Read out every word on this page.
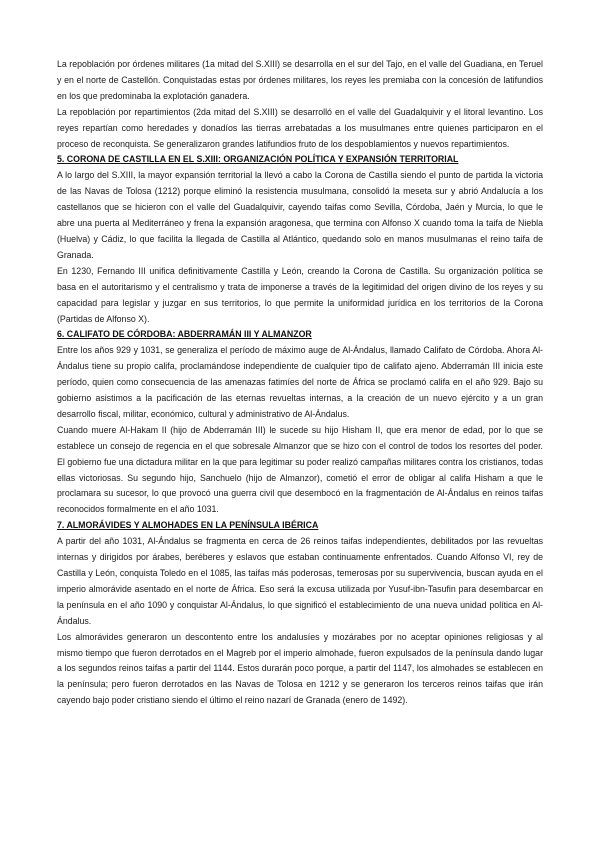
La repoblación por órdenes militares (1a mitad del S.XIII) se desarrolla en el sur del Tajo, en el valle del Guadiana, en Teruel y en el norte de Castellón. Conquistadas estas por órdenes militares, los reyes les premiaba con la concesión de latifundios en los que predominaba la explotación ganadera.

La repoblación por repartimientos (2da mitad del S.XIII) se desarrolló en el valle del Guadalquivir y el litoral levantino. Los reyes repartían como heredades y donadíos las tierras arrebatadas a los musulmanes entre quienes participaron en el proceso de reconquista. Se generalizaron grandes latifundios fruto de los despoblamientos y nuevos repartimientos.

5. CORONA DE CASTILLA EN EL S.XIII: ORGANIZACIÓN POLÍTICA Y EXPANSIÓN TERRITORIAL

A lo largo del S.XIII, la mayor expansión territorial la llevó a cabo la Corona de Castilla siendo el punto de partida la victoria de las Navas de Tolosa (1212) porque eliminó la resistencia musulmana, consolidó la meseta sur y abrió Andalucía a los castellanos que se hicieron con el valle del Guadalquivir, cayendo taifas como Sevilla, Córdoba, Jaén y Murcia, lo que le abre una puerta al Mediterráneo y frena la expansión aragonesa, que termina con Alfonso X cuando toma la taifa de Niebla (Huelva) y Cádiz, lo que facilita la llegada de Castilla al Atlántico, quedando solo en manos musulmanas el reino taifa de Granada.

En 1230, Fernando III unifica definitivamente Castilla y León, creando la Corona de Castilla. Su organización política se basa en el autoritarismo y el centralismo y trata de imponerse a través de la legitimidad del origen divino de los reyes y su capacidad para legislar y juzgar en sus territorios, lo que permite la uniformidad jurídica en los territorios de la Corona (Partidas de Alfonso X).

6. CALIFATO DE CÓRDOBA: ABDERRAMÁN III Y ALMANZOR

Entre los años 929 y 1031, se generaliza el período de máximo auge de Al-Ándalus, llamado Califato de Córdoba. Ahora Al-Ándalus tiene su propio califa, proclamándose independiente de cualquier tipo de califato ajeno. Abderramán III inicia este período, quien como consecuencia de las amenazas fatimíes del norte de África se proclamó califa en el año 929. Bajo su gobierno asistimos a la pacificación de las eternas revueltas internas, a la creación de un nuevo ejército y a un gran desarrollo fiscal, militar, económico, cultural y administrativo de Al-Ándalus.

Cuando muere Al-Hakam II (hijo de Abderramán III) le sucede su hijo Hisham II, que era menor de edad, por lo que se establece un consejo de regencia en el que sobresale Almanzor que se hizo con el control de todos los resortes del poder. El gobierno fue una dictadura militar en la que para legitimar su poder realizó campañas militares contra los cristianos, todas ellas victoriosas. Su segundo hijo, Sanchuelo (hijo de Almanzor), cometió el error de obligar al califa Hisham a que le proclamara su sucesor, lo que provocó una guerra civil que desembocó en la fragmentación de Al-Ándalus en reinos taifas reconocidos formalmente en el año 1031.

7. ALMORÁVIDES Y ALMOHADES EN LA PENÍNSULA IBÉRICA

A partir del año 1031, Al-Ándalus se fragmenta en cerca de 26 reinos taifas independientes, debilitados por las revueltas internas y dirigidos por árabes, beréberes y eslavos que estaban continuamente enfrentados. Cuando Alfonso VI, rey de Castilla y León, conquista Toledo en el 1085, las taifas más poderosas, temerosas por su supervivencia, buscan ayuda en el imperio almorávide asentado en el norte de África. Eso será la excusa utilizada por Yusuf-ibn-Tasufin para desembarcar en la península en el año 1090 y conquistar Al-Ándalus, lo que significó el establecimiento de una nueva unidad política en Al-Ándalus.

Los almorávides generaron un descontento entre los andalusíes y mozárabes por no aceptar opiniones religiosas y al mismo tiempo que fueron derrotados en el Magreb por el imperio almohade, fueron expulsados de la península dando lugar a los segundos reinos taifas a partir del 1144. Estos durarán poco porque, a partir del 1147, los almohades se establecen en la península; pero fueron derrotados en las Navas de Tolosa en 1212 y se generaron los terceros reinos taifas que irán cayendo bajo poder cristiano siendo el último el reino nazarí de Granada (enero de 1492).
